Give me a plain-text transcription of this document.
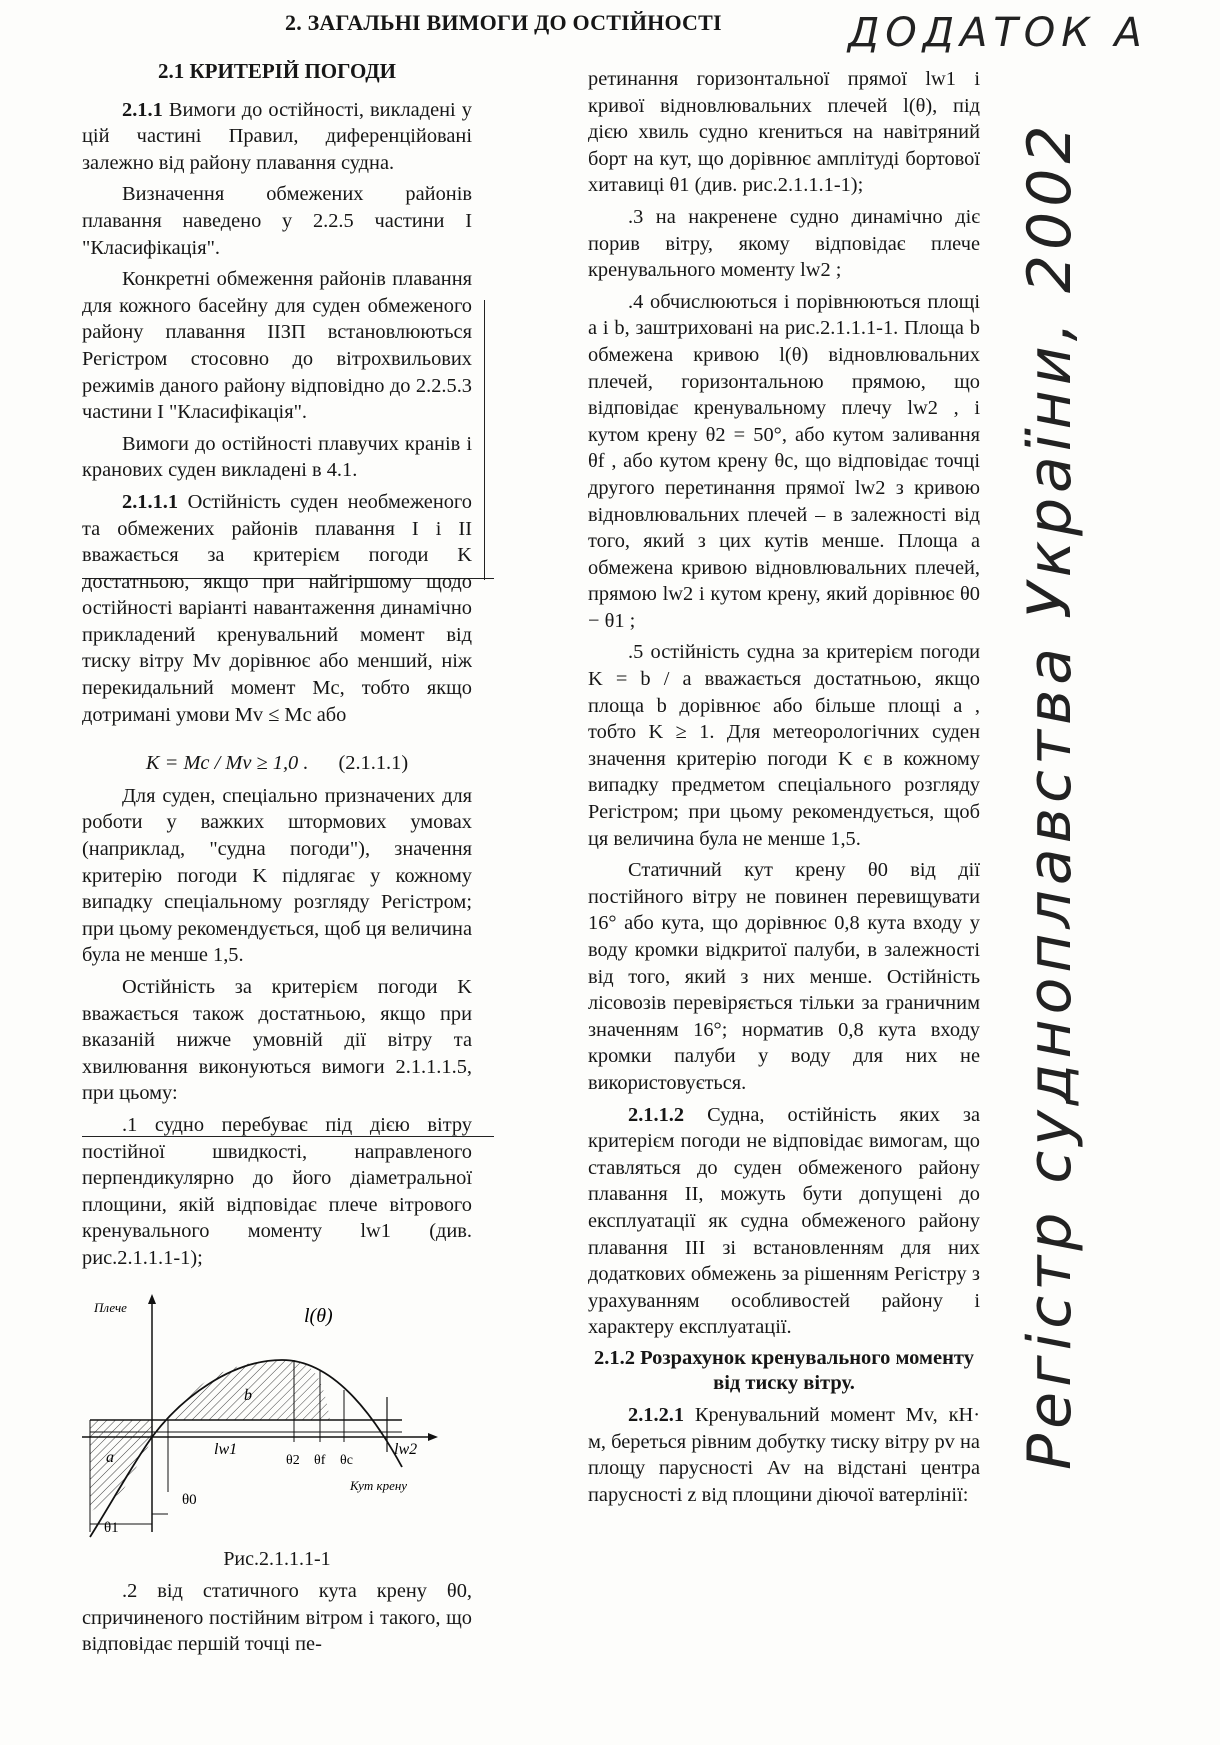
2. ЗАГАЛЬНІ ВИМОГИ ДО ОСТІЙНОСТІ	ДОДАТОК А
Регістр судноплавства України, 2002
2.1 КРИТЕРІЙ ПОГОДИ

2.1.1 Вимоги до остійності, викладені у цій частині Правил, диференційовані залежно від району плавання судна.

Визначення обмежених районів плавання наведено у 2.2.5 частини І "Класифікація".

Конкретні обмеження районів плавання для кожного басейну для суден обмеженого району плавання ІІЗП встановлюються Регістром стосовно до вітрохвильових режимів даного району відповідно до 2.2.5.3 частини І "Класифікація".

Вимоги до остійності плавучих кранів і кранових суден викладені в 4.1.

2.1.1.1 Остійність суден необмеженого та обмежених районів плавання І і ІІ вважається за критерієм погоди K достатньою, якщо при найгіршому щодо остійності варіанті навантаження динамічно прикладений кренувальний момент від тиску вітру Mv дорівнює або менший, ніж перекидальний момент Mc, тобто якщо дотримані умови Mv ≤ Mc або

K = Mc / Mv ≥ 1,0 . (2.1.1.1)

Для суден, спеціально призначених для роботи у важких штормових умовах (наприклад, "судна погоди"), значення критерію погоди K підлягає у кожному випадку спеціальному розгляду Регістром; при цьому рекомендується, щоб ця величина була не менше 1,5.

Остійність за критерієм погоди K вважається також достатньою, якщо при вказаній нижче умовній дії вітру та хвилювання виконуються вимоги 2.1.1.1.5, при цьому:

.1 судно перебуває під дією вітру постійної швидкості, направленого перпендикулярно до його діаметральної площини, якій відповідає плече вітрового кренувального моменту lw1 (див. рис.2.1.1.1-1);

Плече	l(θ)
b
a	lw1	lw2
θ2 θf θc
Кут крену
θ0
θ1
Рис.2.1.1.1-1

.2 від статичного кута крену θ0, спричиненого постійним вітром і такого, що відповідає першій точці пе-

ретинання горизонтальної прямої lw1 і кривої відновлювальних плечей l(θ), під дією хвиль судно кreниться на навітряний борт на кут, що дорівнює амплітуді бортової хитавиці θ1 (див. рис.2.1.1.1-1);

.3 на накренене судно динамічно діє порив вітру, якому відповідає плече кренувального моменту lw2 ;

.4 обчислюються і порівнюються площі a і b, заштриховані на рис.2.1.1.1-1. Площа b обмежена кривою l(θ) відновлювальних плечей, горизонтальною прямою, що відповідає кренувальному плечу lw2 , і кутом крену θ2 = 50°, або кутом заливання θf , або кутом крену θc, що відповідає точці другого перетинання прямої lw2 з кривою відновлювальних плечей – в залежності від того, який з цих кутів менше. Площа a обмежена кривою відновлювальних плечей, прямою lw2 і кутом крену, який дорівнює θ0 − θ1 ;

.5 остійність судна за критерієм погоди K = b / a вважається достатньою, якщо площа b дорівнює або більше площі a , тобто K ≥ 1. Для метеорологічних суден значення критерію погоди K є в кожному випадку предметом спеціального розгляду Регістром; при цьому рекомендується, щоб ця величина була не менше 1,5.

Статичний кут крену θ0 від дії постійного вітру не повинен перевищувати 16° або кута, що дорівнює 0,8 кута входу у воду кромки відкритої палуби, в залежності від того, який з них менше. Остійність лісовозів перевіряється тільки за граничним значенням 16°; норматив 0,8 кута входу кромки палуби у воду для них не використовується.

2.1.1.2 Судна, остійність яких за критерієм погоди не відповідає вимогам, що ставляться до суден обмеженого району плавання ІІ, можуть бути допущені до експлуатації як судна обмеженого району плавання ІІІ зі встановленням для них додаткових обмежень за рішенням Регістру з урахуванням особливостей району і характеру експлуатації.

2.1.2 Розрахунок кренувального моменту від тиску вітру.

2.1.2.1 Кренувальний момент Mv, кН· м, береться рівним добутку тиску вітру pv на площу парусності Av на відстані центра парусності z від площини діючої ватерлінії:
